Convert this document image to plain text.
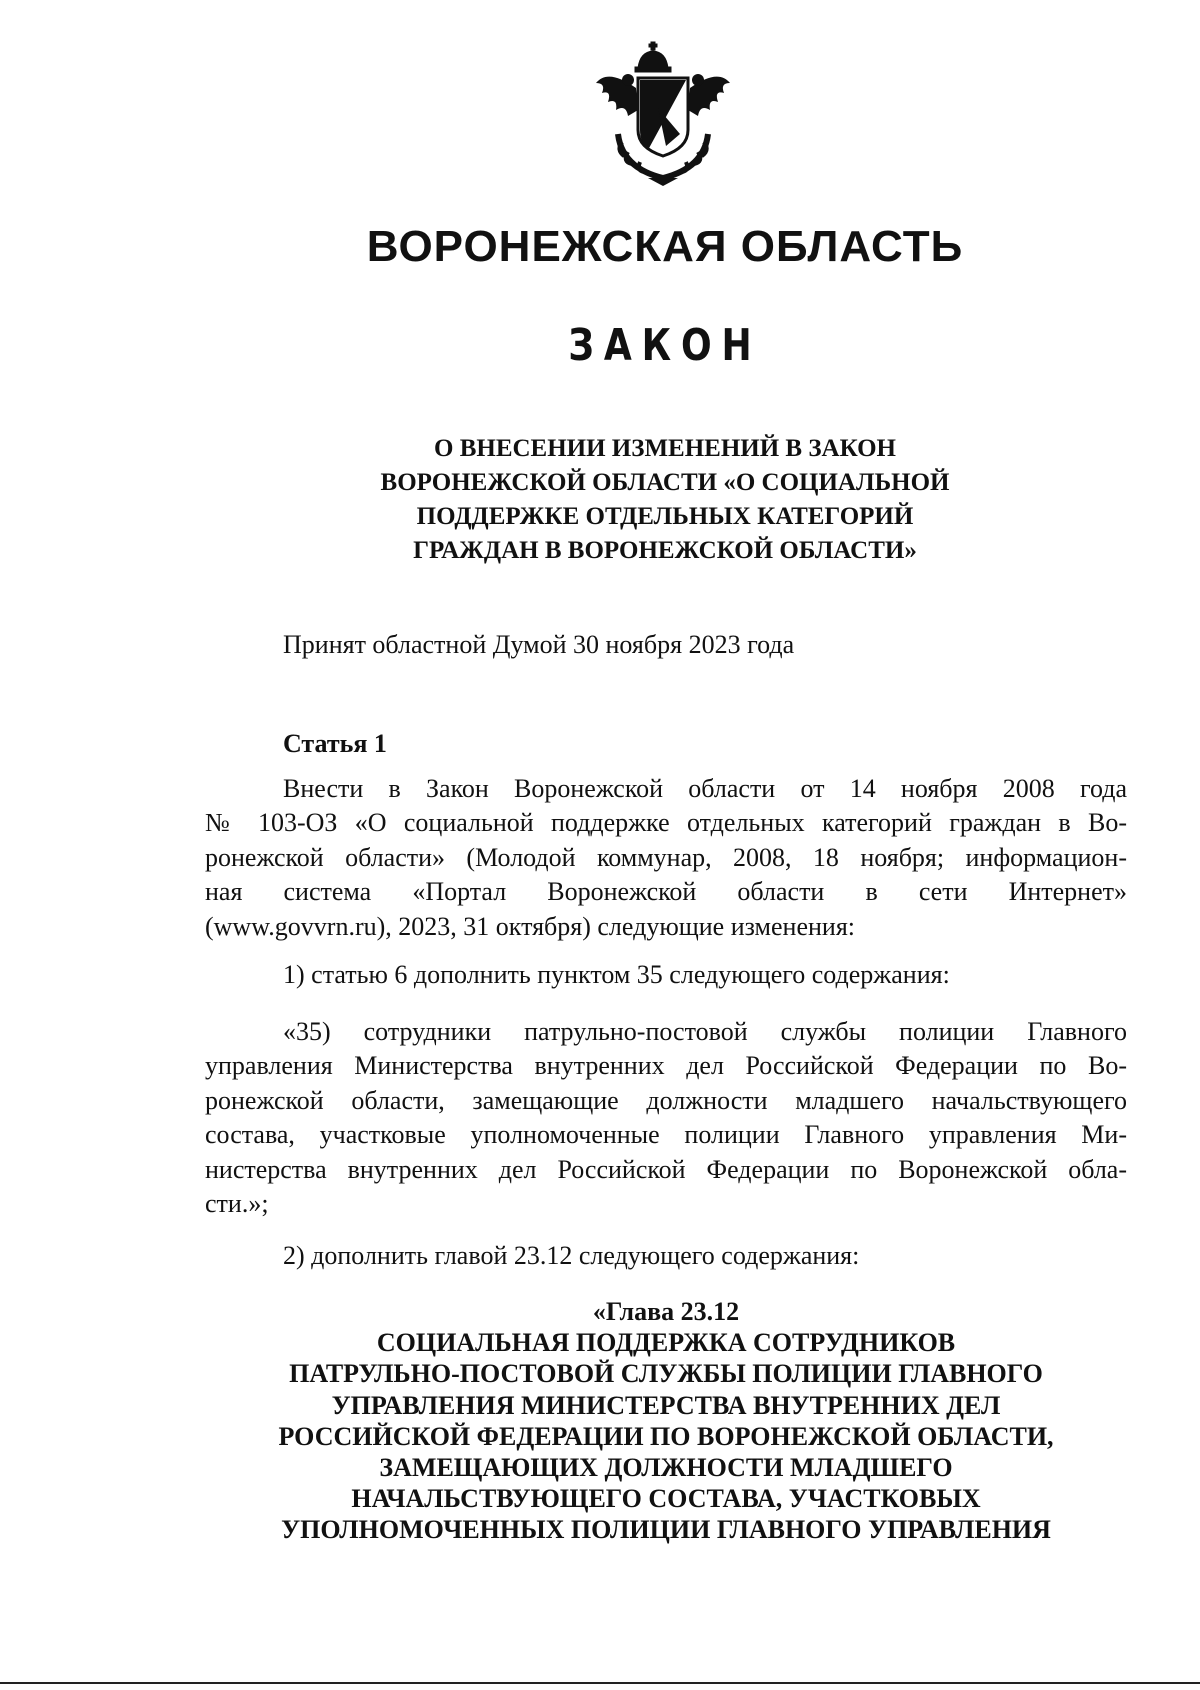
ВОРОНЕЖСКАЯ ОБЛАСТЬ
ЗАКОН
О ВНЕСЕНИИ ИЗМЕНЕНИЙ В ЗАКОН
ВОРОНЕЖСКОЙ ОБЛАСТИ «О СОЦИАЛЬНОЙ
ПОДДЕРЖКЕ ОТДЕЛЬНЫХ КАТЕГОРИЙ
ГРАЖДАН В ВОРОНЕЖСКОЙ ОБЛАСТИ»
Принят областной Думой 30 ноября 2023 года
Статья 1
Внести в Закон Воронежской области от 14 ноября 2008 года
№ 103-ОЗ «О социальной поддержке отдельных категорий граждан в Во-
ронежской области» (Молодой коммунар, 2008, 18 ноября; информацион-
ная система «Портал Воронежской области в сети Интернет»
(www.govvrn.ru), 2023, 31 октября) следующие изменения:
1) статью 6 дополнить пунктом 35 следующего содержания:
«35) сотрудники патрульно-постовой службы полиции Главного
управления Министерства внутренних дел Российской Федерации по Во-
ронежской области, замещающие должности младшего начальствующего
состава, участковые уполномоченные полиции Главного управления Ми-
нистерства внутренних дел Российской Федерации по Воронежской обла-
сти.»;
2) дополнить главой 23.12 следующего содержания:
«Глава 23.12
СОЦИАЛЬНАЯ ПОДДЕРЖКА СОТРУДНИКОВ
ПАТРУЛЬНО-ПОСТОВОЙ СЛУЖБЫ ПОЛИЦИИ ГЛАВНОГО
УПРАВЛЕНИЯ МИНИСТЕРСТВА ВНУТРЕННИХ ДЕЛ
РОССИЙСКОЙ ФЕДЕРАЦИИ ПО ВОРОНЕЖСКОЙ ОБЛАСТИ,
ЗАМЕЩАЮЩИХ ДОЛЖНОСТИ МЛАДШЕГО
НАЧАЛЬСТВУЮЩЕГО СОСТАВА, УЧАСТКОВЫХ
УПОЛНОМОЧЕННЫХ ПОЛИЦИИ ГЛАВНОГО УПРАВЛЕНИЯ
